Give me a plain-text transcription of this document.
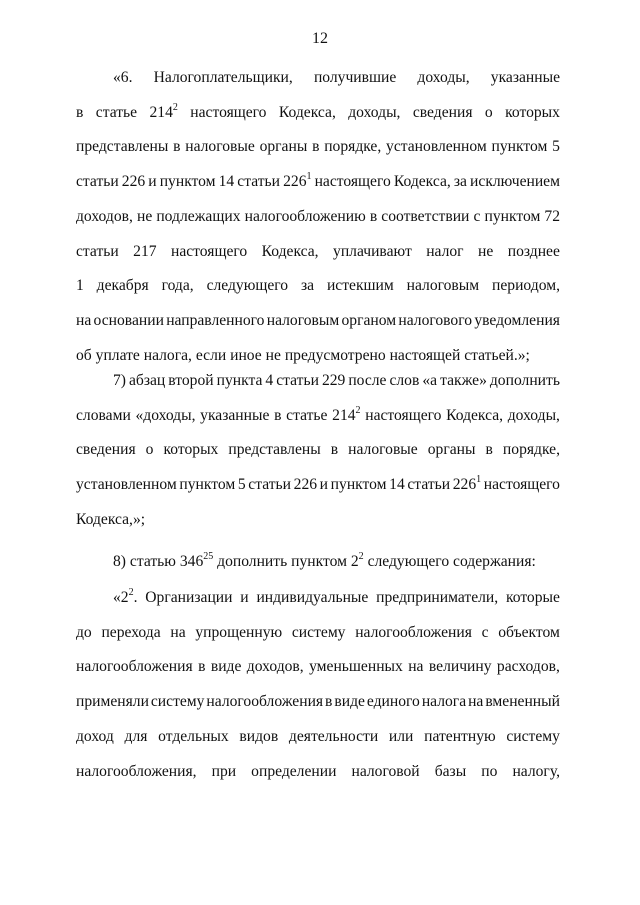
12
«6. Налогоплательщики, получившие доходы, указанные
в статье $214^2$ настоящего Кодекса, доходы, сведения о которых
представлены в налоговые органы в порядке, установленном пунктом 5
статьи 226 и пунктом 14 статьи $226^1$ настоящего Кодекса, за исключением
доходов, не подлежащих налогообложению в соответствии с пунктом 72
статьи 217 настоящего Кодекса, уплачивают налог не позднее
1 декабря года, следующего за истекшим налоговым периодом,
на основании направленного налоговым органом налогового уведомления
об уплате налога, если иное не предусмотрено настоящей статьей.»;
7) абзац второй пункта 4 статьи 229 после слов «а также» дополнить
словами «доходы, указанные в статье $214^2$ настоящего Кодекса, доходы,
сведения о которых представлены в налоговые органы в порядке,
установленном пунктом 5 статьи 226 и пунктом 14 статьи $226^1$ настоящего
Кодекса,»;
8) статью $346^{25}$ дополнить пунктом $2^2$ следующего содержания:
«$2^2$. Организации и индивидуальные предприниматели, которые
до перехода на упрощенную систему налогообложения с объектом
налогообложения в виде доходов, уменьшенных на величину расходов,
применяли систему налогообложения в виде единого налога на вмененный
доход для отдельных видов деятельности или патентную систему
налогообложения, при определении налоговой базы по налогу,
